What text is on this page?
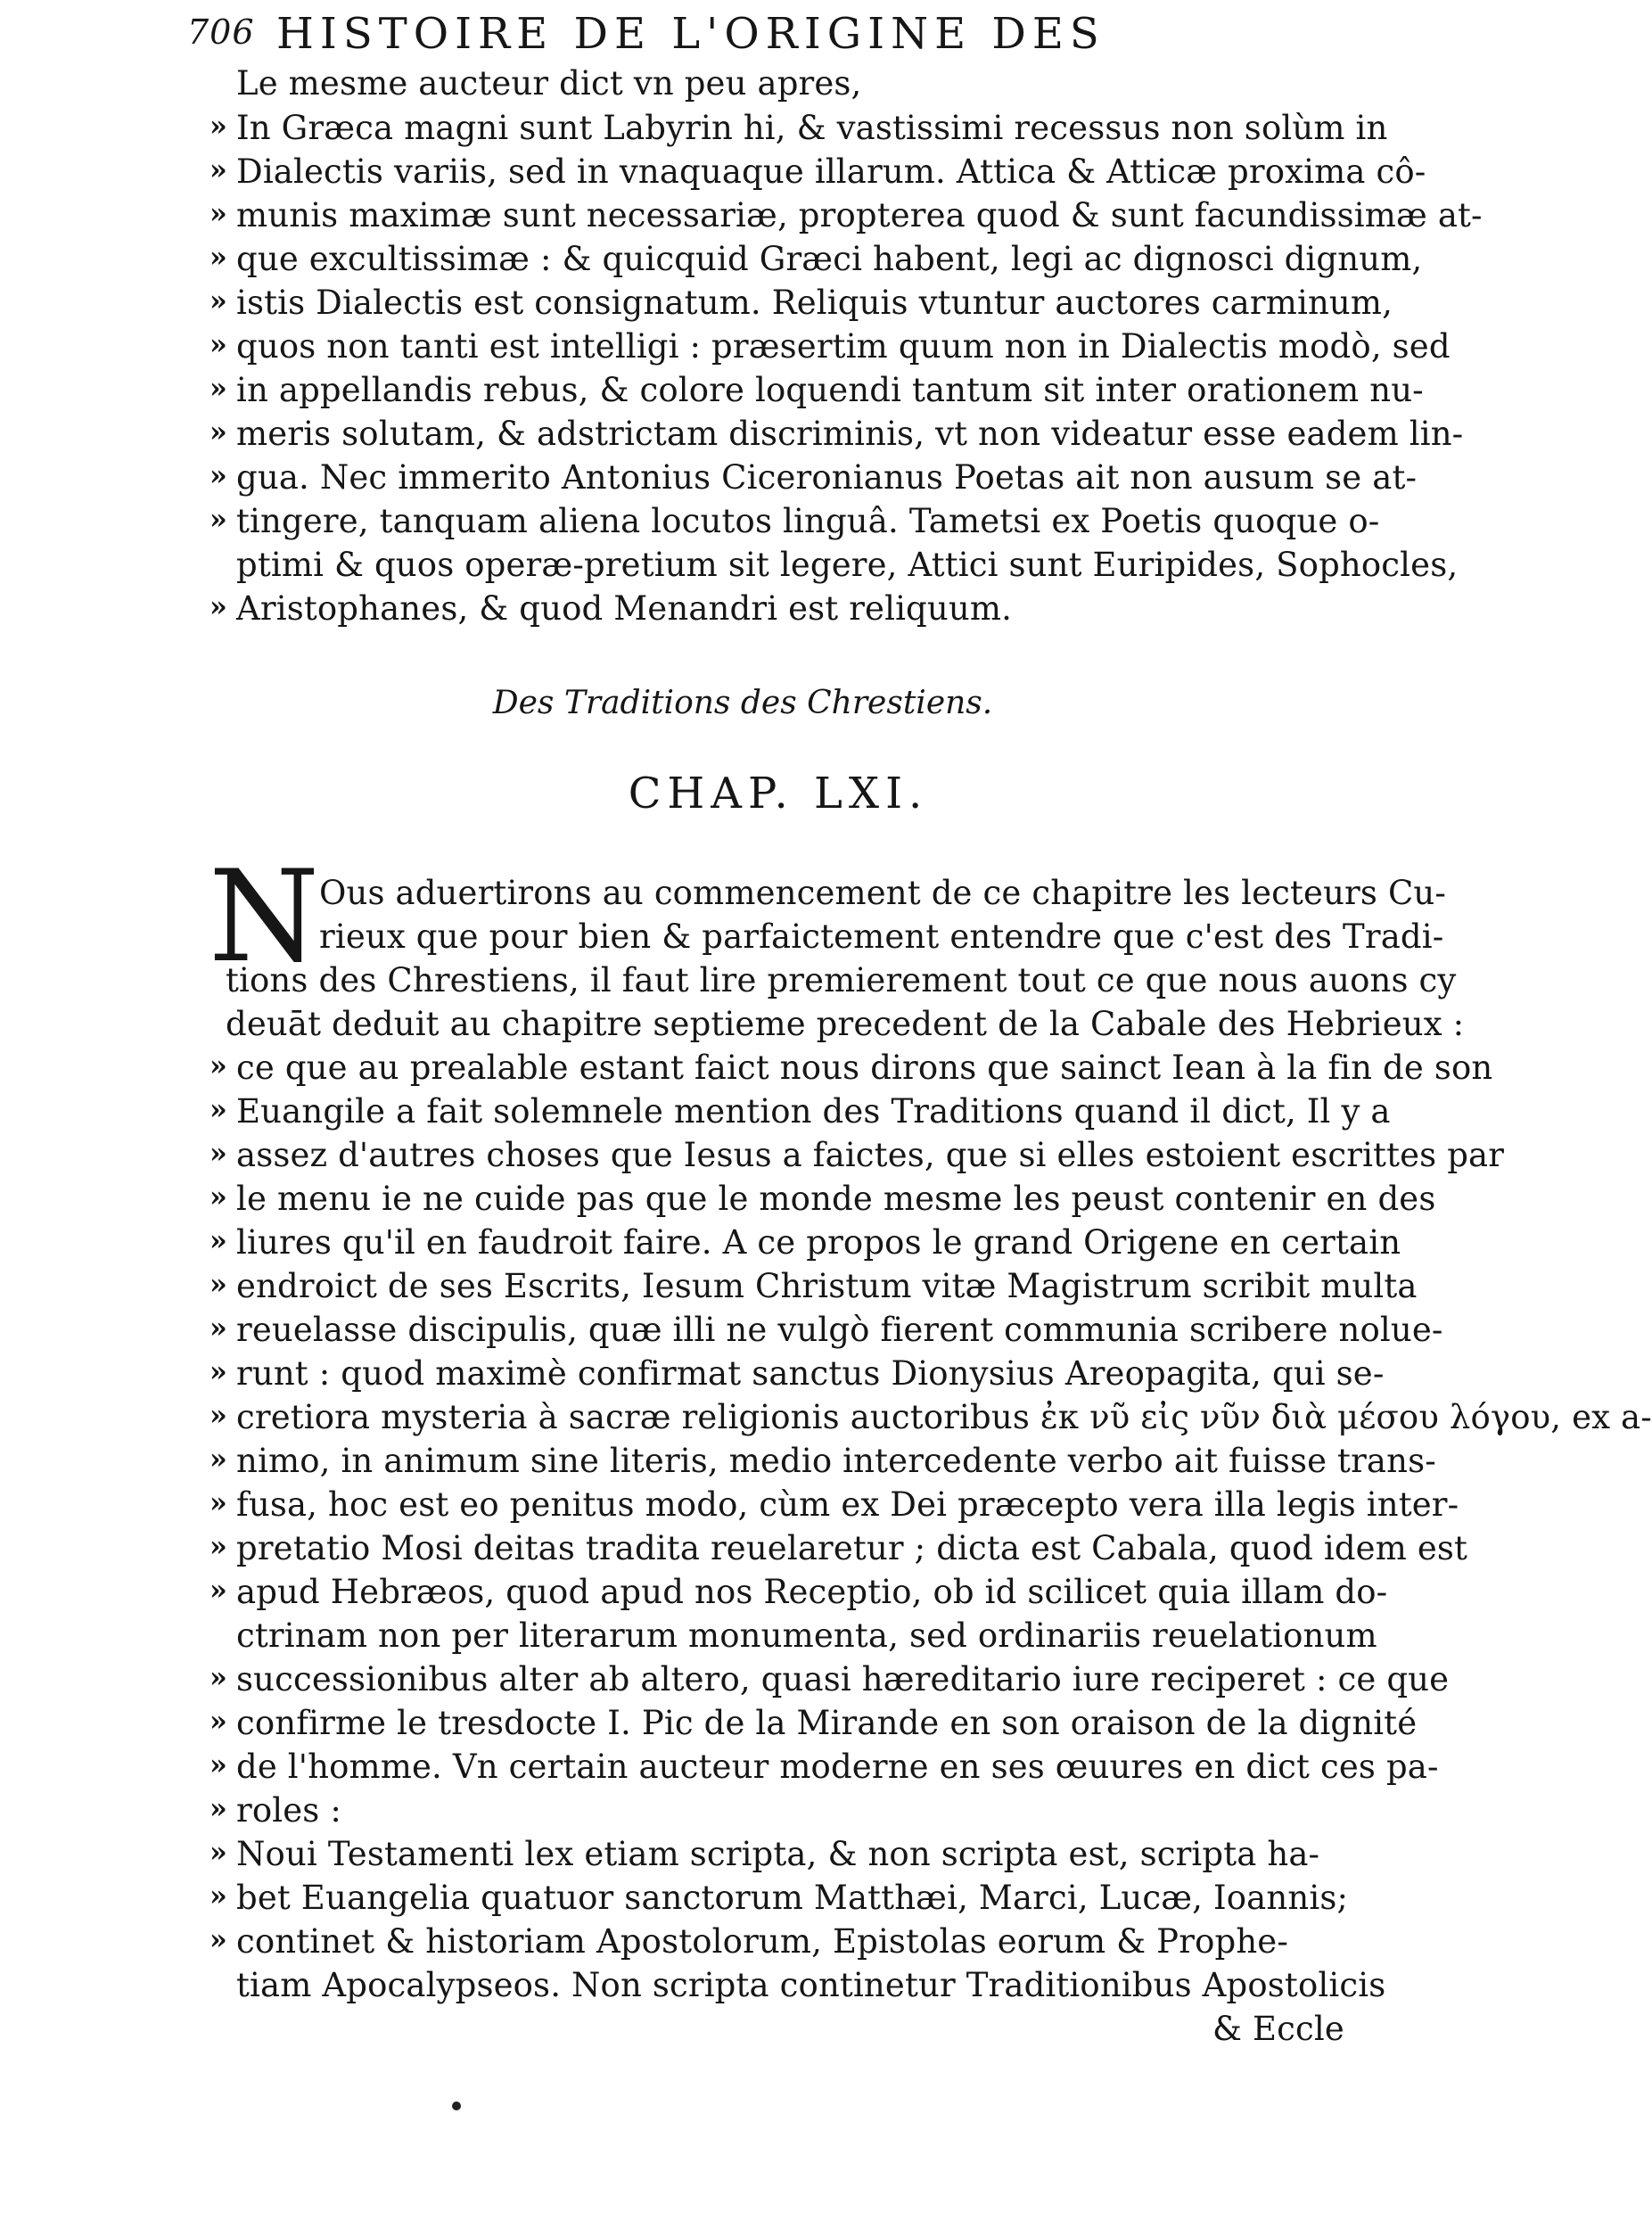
706 HISTOIRE DE L'ORIGINE DES
Le mesme aucteur dict vn peu apres,
» In Græca magni sunt Labyrin hi, & vastissimi recessus non solùm in
» Dialectis variis, sed in vnaquaque illarum. Attica & Atticæ proxima cô-
» munis maximæ sunt necessariæ, propterea quod & sunt facundissimæ at-
» que excultissimæ : & quicquid Græci habent, legi ac dignosci dignum,
» istis Dialectis est consignatum. Reliquis vtuntur auctores carminum,
» quos non tanti est intelligi : præsertim quum non in Dialectis modò, sed
» in appellandis rebus, & colore loquendi tantum sit inter orationem nu-
» meris solutam, & adstrictam discriminis, vt non videatur esse eadem lin-
» gua. Nec immerito Antonius Ciceronianus Poetas ait non ausum se at-
» tingere, tanquam aliena locutos linguâ. Tametsi ex Poetis quoque o-
ptimi & quos operæ-pretium sit legere, Attici sunt Euripides, Sophocles,
» Aristophanes, & quod Menandri est reliquum.
Des Traditions des Chrestiens.
CHAP. LXI.
N Ous aduertirons au commencement de ce chapitre les lecteurs Cu-
rieux que pour bien & parfaictement entendre que c'est des Tradi-
tions des Chrestiens, il faut lire premierement tout ce que nous auons cy
deuāt deduit au chapitre septieme precedent de la Cabale des Hebrieux :
» ce que au prealable estant faict nous dirons que sainct Iean à la fin de son
» Euangile a fait solemnele mention des Traditions quand il dict, Il y a
» assez d'autres choses que Iesus a faictes, que si elles estoient escrittes par
» le menu ie ne cuide pas que le monde mesme les peust contenir en des
» liures qu'il en faudroit faire. A ce propos le grand Origene en certain
» endroict de ses Escrits, Iesum Christum vitæ Magistrum scribit multa
» reuelasse discipulis, quæ illi ne vulgò fierent communia scribere nolue-
» runt : quod maximè confirmat sanctus Dionysius Areopagita, qui se-
» cretiora mysteria à sacræ religionis auctoribus ἐκ νῦ εἰς νῦν διὰ μέσου λόγου, ex a-
» nimo, in animum sine literis, medio intercedente verbo ait fuisse trans-
» fusa, hoc est eo penitus modo, cùm ex Dei præcepto vera illa legis inter-
» pretatio Mosi deitas tradita reuelaretur ; dicta est Cabala, quod idem est
» apud Hebræos, quod apud nos Receptio, ob id scilicet quia illam do-
ctrinam non per literarum monumenta, sed ordinariis reuelationum
» successionibus alter ab altero, quasi hæreditario iure reciperet : ce que
» confirme le tresdocte I. Pic de la Mirande en son oraison de la dignité
» de l'homme. Vn certain aucteur moderne en ses œuures en dict ces pa-
» roles :
» Noui Testamenti lex etiam scripta, & non scripta est, scripta ha-
» bet Euangelia quatuor sanctorum Matthæi, Marci, Lucæ, Ioannis;
» continet & historiam Apostolorum, Epistolas eorum & Prophe-
tiam Apocalypseos. Non scripta continetur Traditionibus Apostolicis
& Eccle
